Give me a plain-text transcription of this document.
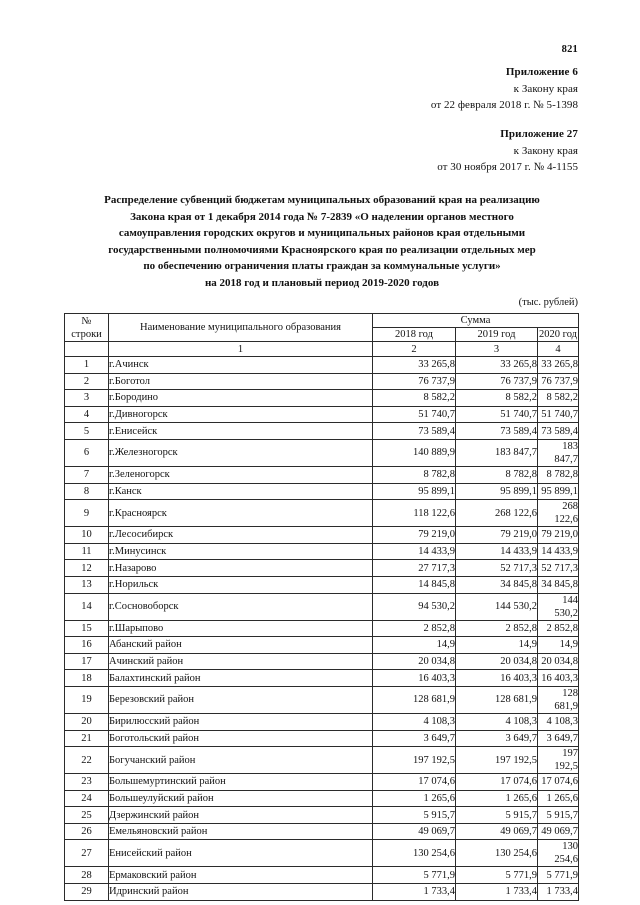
821
Приложение 6
к Закону края
от 22 февраля 2018 г. № 5-1398
Приложение 27
к Закону края
от 30 ноября 2017 г. № 4-1155
Распределение субвенций бюджетам муниципальных образований края на реализацию
Закона края от 1 декабря 2014 года № 7-2839 «О наделении органов местного
самоуправления городских округов и муниципальных районов края отдельными
государственными полномочиями Красноярского края по реализации отдельных мер
по обеспечению ограничения платы граждан за коммунальные услуги»
на 2018 год и плановый период 2019-2020 годов
(тыс. рублей)
№
строки	Наименование муниципального образования	Сумма		
		2018 год	2019 год	2020 год
	1	2	3	4
1	г.Ачинск	33 265,8	33 265,8	33 265,8
2	г.Боготол	76 737,9	76 737,9	76 737,9
3	г.Бородино	8 582,2	8 582,2	8 582,2
4	г.Дивногорск	51 740,7	51 740,7	51 740,7
5	г.Енисейск	73 589,4	73 589,4	73 589,4
6	г.Железногорск	140 889,9	183 847,7	183 847,7
7	г.Зеленогорск	8 782,8	8 782,8	8 782,8
8	г.Канск	95 899,1	95 899,1	95 899,1
9	г.Красноярск	118 122,6	268 122,6	268 122,6
10	г.Лесосибирск	79 219,0	79 219,0	79 219,0
11	г.Минусинск	14 433,9	14 433,9	14 433,9
12	г.Назарово	27 717,3	52 717,3	52 717,3
13	г.Норильск	14 845,8	34 845,8	34 845,8
14	г.Сосновоборск	94 530,2	144 530,2	144 530,2
15	г.Шарыпово	2 852,8	2 852,8	2 852,8
16	Абанский район	14,9	14,9	14,9
17	Ачинский район	20 034,8	20 034,8	20 034,8
18	Балахтинский район	16 403,3	16 403,3	16 403,3
19	Березовский район	128 681,9	128 681,9	128 681,9
20	Бирилюсский район	4 108,3	4 108,3	4 108,3
21	Боготольский район	3 649,7	3 649,7	3 649,7
22	Богучанский район	197 192,5	197 192,5	197 192,5
23	Большемуртинский район	17 074,6	17 074,6	17 074,6
24	Большеулуйский район	1 265,6	1 265,6	1 265,6
25	Дзержинский район	5 915,7	5 915,7	5 915,7
26	Емельяновский район	49 069,7	49 069,7	49 069,7
27	Енисейский район	130 254,6	130 254,6	130 254,6
28	Ермаковский район	5 771,9	5 771,9	5 771,9
29	Идринский район	1 733,4	1 733,4	1 733,4
